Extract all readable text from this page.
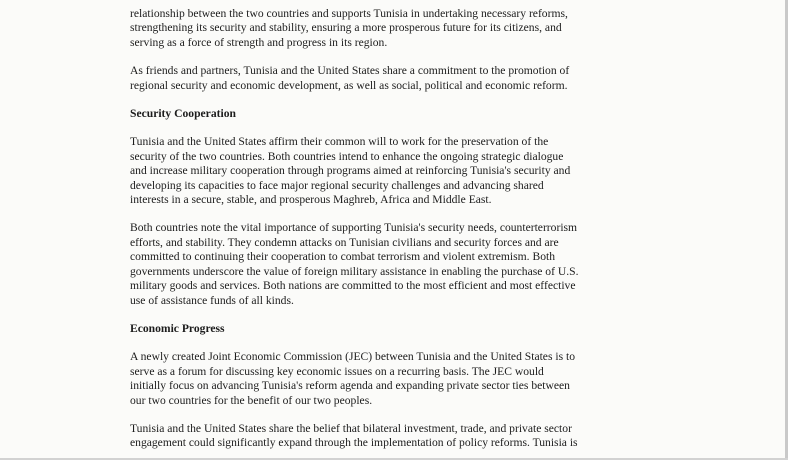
relationship between the two countries and supports Tunisia in undertaking necessary reforms,
strengthening its security and stability, ensuring a more prosperous future for its citizens, and
serving as a force of strength and progress in its region.
As friends and partners, Tunisia and the United States share a commitment to the promotion of
regional security and economic development, as well as social, political and economic reform.
Security Cooperation
Tunisia and the United States affirm their common will to work for the preservation of the
security of the two countries. Both countries intend to enhance the ongoing strategic dialogue
and increase military cooperation through programs aimed at reinforcing Tunisia's security and
developing its capacities to face major regional security challenges and advancing shared
interests in a secure, stable, and prosperous Maghreb, Africa and Middle East.
Both countries note the vital importance of supporting Tunisia's security needs, counterterrorism
efforts, and stability. They condemn attacks on Tunisian civilians and security forces and are
committed to continuing their cooperation to combat terrorism and violent extremism. Both
governments underscore the value of foreign military assistance in enabling the purchase of U.S.
military goods and services. Both nations are committed to the most efficient and most effective
use of assistance funds of all kinds.
Economic Progress
A newly created Joint Economic Commission (JEC) between Tunisia and the United States is to
serve as a forum for discussing key economic issues on a recurring basis. The JEC would
initially focus on advancing Tunisia's reform agenda and expanding private sector ties between
our two countries for the benefit of our two peoples.
Tunisia and the United States share the belief that bilateral investment, trade, and private sector
engagement could significantly expand through the implementation of policy reforms. Tunisia is
